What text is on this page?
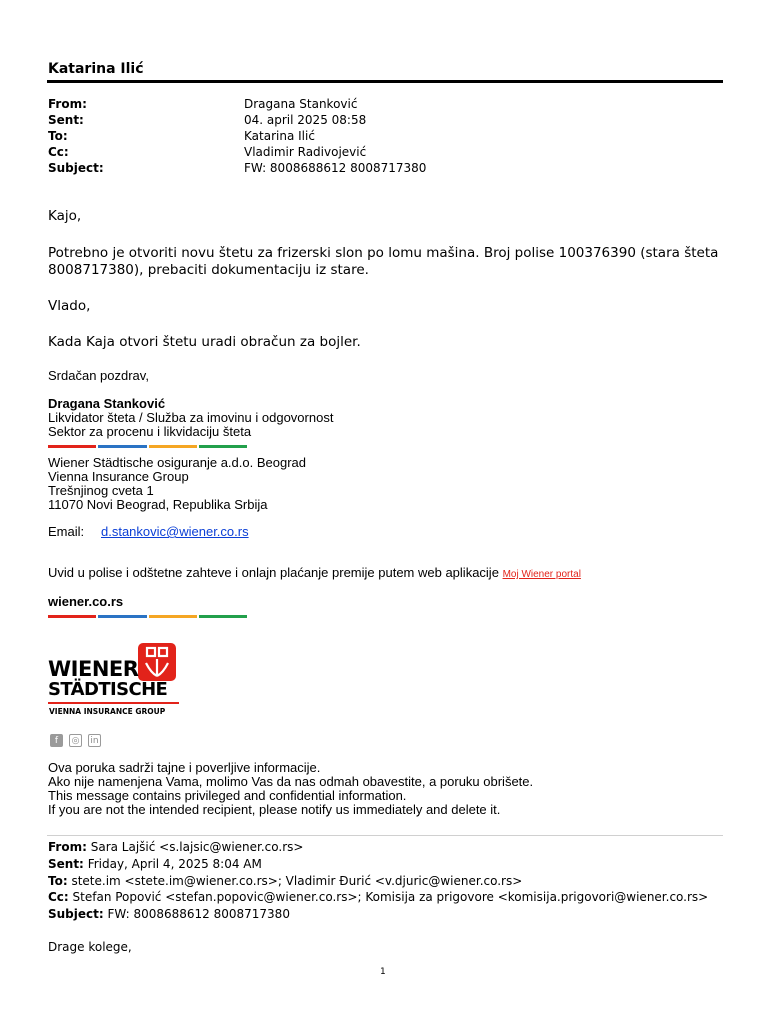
Katarina Ilić
From:	Dragana Stanković
Sent:	04. april 2025 08:58
To:	Katarina Ilić
Cc:	Vladimir Radivojević
Subject:	FW: 8008688612 8008717380
Kajo,
Potrebno je otvoriti novu štetu za frizerski slon po lomu mašina. Broj polise 100376390 (stara šteta
8008717380), prebaciti dokumentaciju iz stare.
Vlado,
Kada Kaja otvori štetu uradi obračun za bojler.
Srdačan pozdrav,
Dragana Stanković
Likvidator šteta / Služba za imovinu i odgovornost
Sektor za procenu i likvidaciju šteta
Wiener Städtische osiguranje a.d.o. Beograd
Vienna Insurance Group
Trešnjinog cveta 1
11070 Novi Beograd, Republika Srbija
Email: d.stankovic@wiener.co.rs
Uvid u polise i odštetne zahteve i onlajn plaćanje premije putem web aplikacije Moj Wiener portal
wiener.co.rs
WIENER
STÄDTISCHE
VIENNA INSURANCE GROUP
f	◎ in
Ova poruka sadrži tajne i poverljive informacije.
Ako nije namenjena Vama, molimo Vas da nas odmah obavestite, a poruku obrišete.
This message contains privileged and confidential information.
If you are not the intended recipient, please notify us immediately and delete it.
From: Sara Lajšić <s.lajsic@wiener.co.rs>
Sent: Friday, April 4, 2025 8:04 AM
To: stete.im <stete.im@wiener.co.rs>; Vladimir Đurić <v.djuric@wiener.co.rs>
Cc: Stefan Popović <stefan.popovic@wiener.co.rs>; Komisija za prigovore <komisija.prigovori@wiener.co.rs>
Subject: FW: 8008688612 8008717380
Drage kolege,
1
